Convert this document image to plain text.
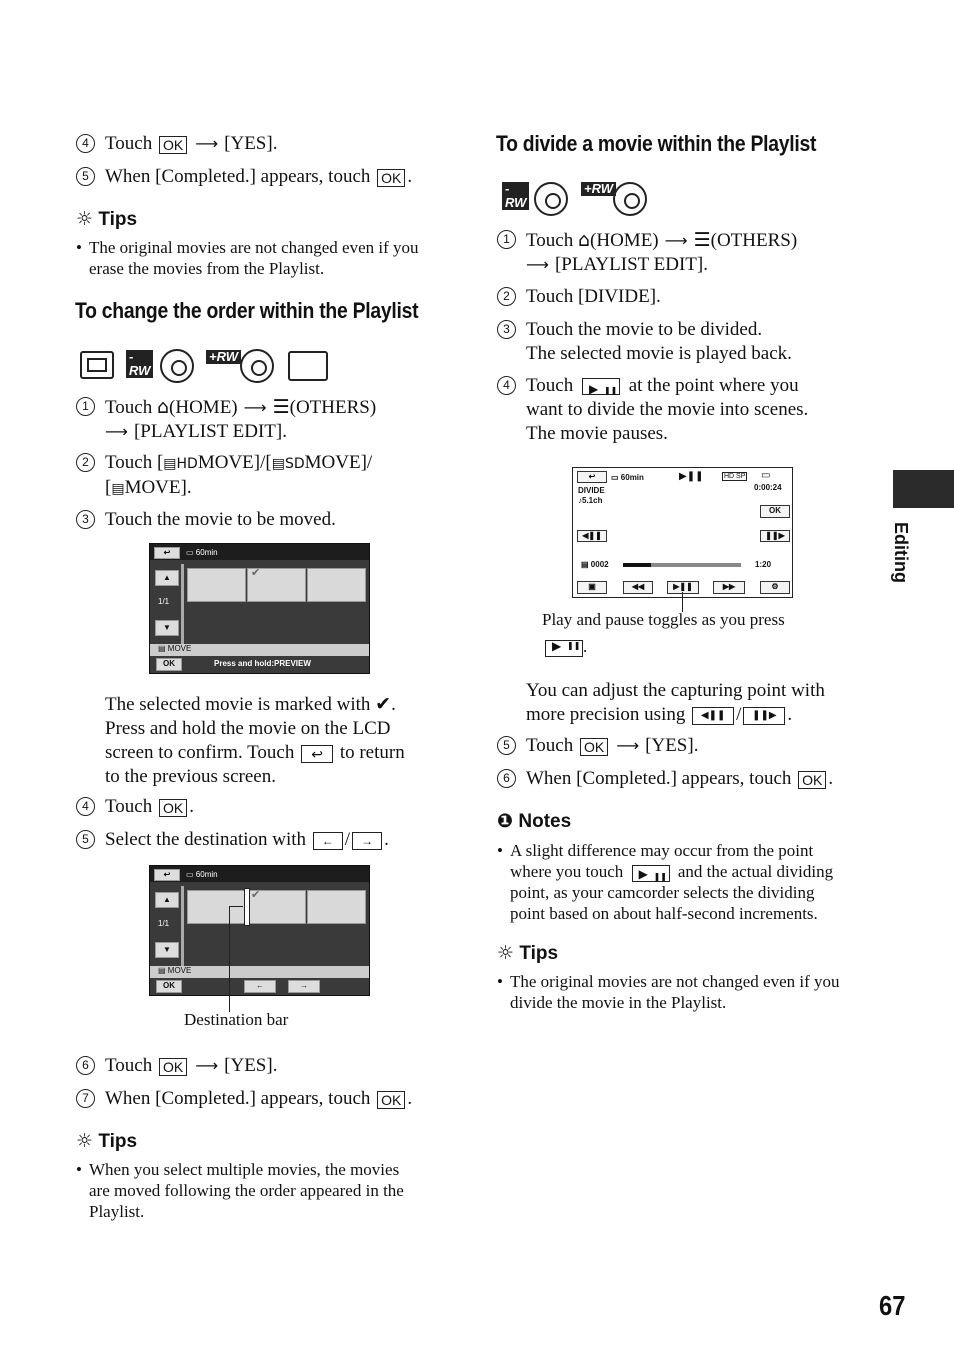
4 Touch OK ⟶ [YES].
5 When [Completed.] appears, touch OK .
☼ Tips
• The original movies are not changed even if you
erase the movies from the Playlist.
To change the order within the Playlist
-RW
+RW
1 Touch ⌂(HOME) ⟶ ☰(OTHERS)
⟶ [PLAYLIST EDIT].
2 Touch [▤HDMOVE]/[▤SDMOVE]/
[▤MOVE].
3 Touch the movie to be moved.
↩	▭ 60min
▲
1/1
▼
✔
▤ MOVE
OK	Press and hold:PREVIEW
The selected movie is marked with ✔.
Press and hold the movie on the LCD
screen to confirm. Touch ↩ to return
to the previous screen.
4 Touch OK .
5 Select the destination with ← / → .
↩	▭ 60min
▲
1/1
▼
✔
▤ MOVE
OK	←	→
Destination bar
6 Touch OK ⟶ [YES].
7 When [Completed.] appears, touch OK .
☼ Tips
• When you select multiple movies, the movies
are moved following the order appeared in the
Playlist.
To divide a movie within the Playlist
-RW
+RW
1 Touch ⌂(HOME) ⟶ ☰(OTHERS)
⟶ [PLAYLIST EDIT].
2 Touch [DIVIDE].
3 Touch the movie to be divided.
The selected movie is played back.
4 Touch ▶ ❚❚	at the point where you
want to divide the movie into scenes.
The movie pauses.
↩	▭ 60min	▶❚❚	HD SP ▭
0:00:24
DIVIDE
♪5.1ch
OK
◀❚❚	❚❚▶
▤ 0002	1:20
▣	◀◀	▶❚❚	▶▶	⚙
Play and pause toggles as you press
▶ ❚❚.
You can adjust the capturing point with
more precision using ◀❚❚ / ❚❚▶ .
5 Touch OK ⟶ [YES].
6 When [Completed.] appears, touch OK .
❶ Notes
• A slight difference may occur from the point
where you touch ▶ ❚❚	and the actual dividing
point, as your camcorder selects the dividing
point based on about half-second increments.
☼ Tips
• The original movies are not changed even if you
divide the movie in the Playlist.
Editing
67
